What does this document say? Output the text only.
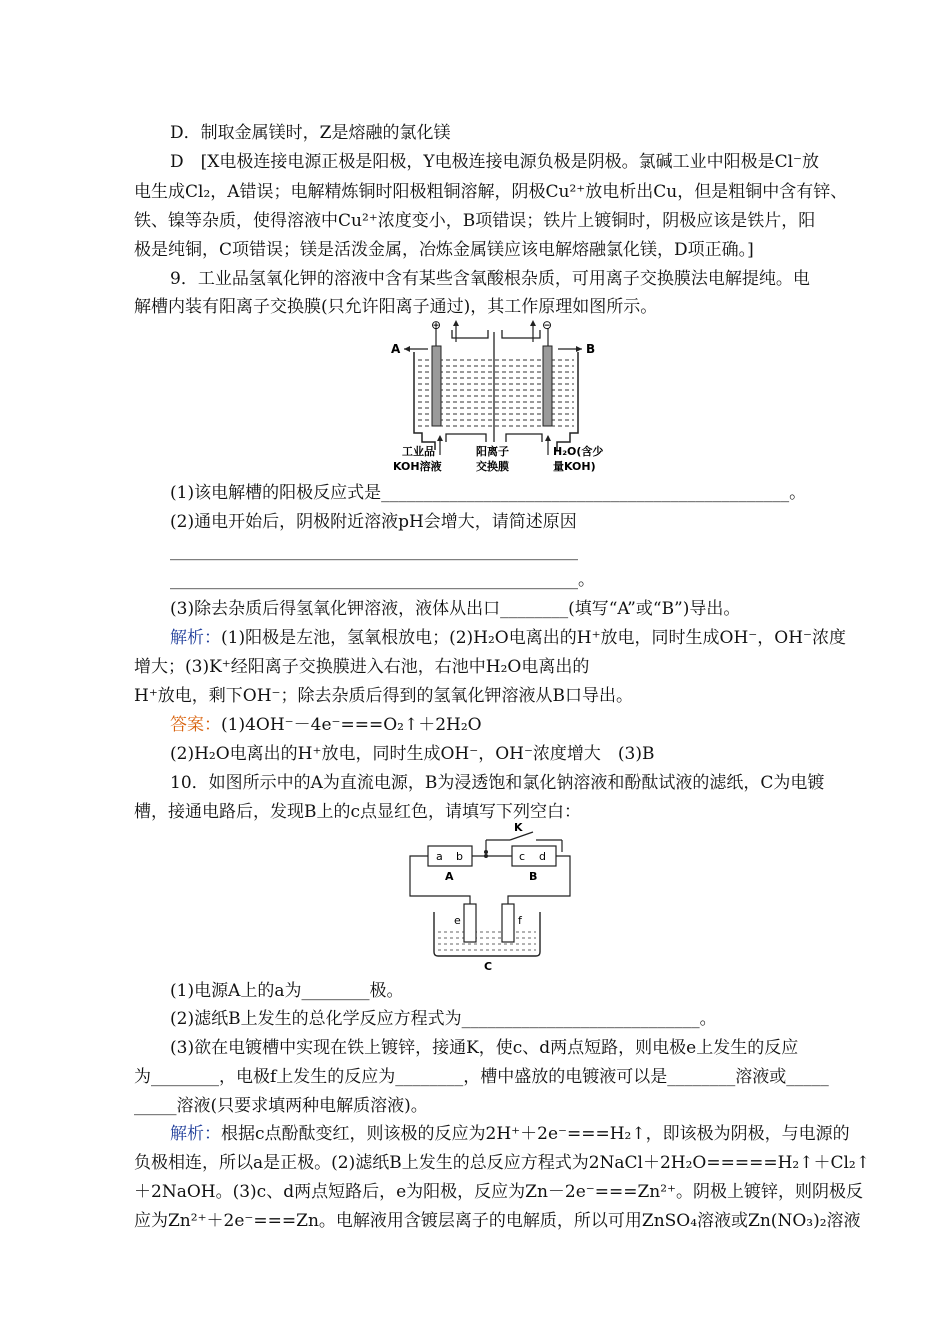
D．制取金属镁时，Z是熔融的氯化镁
D　[X电极连接电源正极是阳极，Y电极连接电源负极是阴极。氯碱工业中阳极是Cl⁻放
电生成Cl₂，A错误；电解精炼铜时阳极粗铜溶解，阴极Cu²⁺放电析出Cu，但是粗铜中含有锌、
铁、镍等杂质，使得溶液中Cu²⁺浓度变小，B项错误；铁片上镀铜时，阴极应该是铁片，阳
极是纯铜，C项错误；镁是活泼金属，冶炼金属镁应该电解熔融氯化镁，D项正确。]
9．工业品氢氧化钾的溶液中含有某些含氧酸根杂质，可用离子交换膜法电解提纯。电
解槽内装有阳离子交换膜(只允许阳离子通过)，其工作原理如图所示。
⊕	⊖
A	B
工业品
KOH溶液
阳离子
交换膜
H₂O(含少
量KOH)
(1)该电解槽的阳极反应式是________________________________________________。
(2)通电开始后，阴极附近溶液pH会增大，请简述原因
________________________________________________
________________________________________________。
(3)除去杂质后得氢氧化钾溶液，液体从出口________(填写“A”或“B”)导出。
解析：(1)阳极是左池，氢氧根放电；(2)H₂O电离出的H⁺放电，同时生成OH⁻，OH⁻浓度
增大；(3)K⁺经阳离子交换膜进入右池，右池中H₂O电离出的
H⁺放电，剩下OH⁻；除去杂质后得到的氢氧化钾溶液从B口导出。
答案：(1)4OH⁻－4e⁻===O₂↑＋2H₂O
(2)H₂O电离出的H⁺放电，同时生成OH⁻，OH⁻浓度增大　(3)B
10．如图所示中的A为直流电源，B为浸透饱和氯化钠溶液和酚酞试液的滤纸，C为电镀
槽，接通电路后，发现B上的c点显红色，请填写下列空白：
K
a b
A
c d
B
e	f
C
(1)电源A上的a为________极。
(2)滤纸B上发生的总化学反应方程式为____________________________。
(3)欲在电镀槽中实现在铁上镀锌，接通K，使c、d两点短路，则电极e上发生的反应
为________，电极f上发生的反应为________，槽中盛放的电镀液可以是________溶液或_____
_____溶液(只要求填两种电解质溶液)。
解析：根据c点酚酞变红，则该极的反应为2H⁺＋2e⁻===H₂↑，即该极为阴极，与电源的
负极相连，所以a是正极。(2)滤纸B上发生的总反应方程式为2NaCl＋2H₂O=====H₂↑＋Cl₂↑
＋2NaOH。(3)c、d两点短路后，e为阳极，反应为Zn－2e⁻===Zn²⁺。阴极上镀锌，则阴极反
应为Zn²⁺＋2e⁻===Zn。电解液用含镀层离子的电解质，所以可用ZnSO₄溶液或Zn(NO₃)₂溶液
